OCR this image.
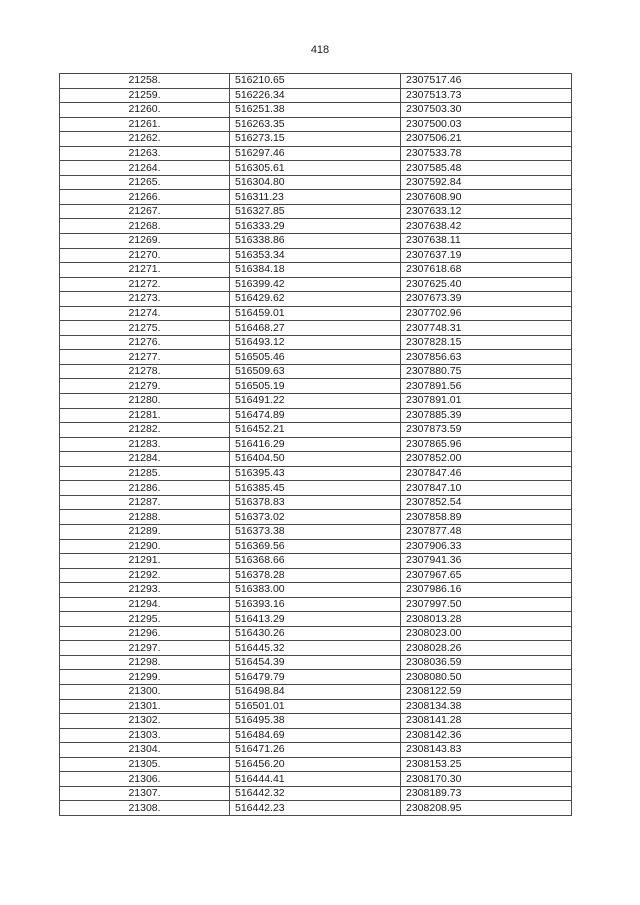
418
21258.	516210.65	2307517.46
21259.	516226.34	2307513.73
21260.	516251.38	2307503.30
21261.	516263.35	2307500.03
21262.	516273.15	2307506.21
21263.	516297.46	2307533.78
21264.	516305.61	2307585.48
21265.	516304.80	2307592.84
21266.	516311.23	2307608.90
21267.	516327.85	2307633.12
21268.	516333.29	2307638.42
21269.	516338.86	2307638.11
21270.	516353.34	2307637.19
21271.	516384.18	2307618.68
21272.	516399.42	2307625.40
21273.	516429.62	2307673.39
21274.	516459.01	2307702.96
21275.	516468.27	2307748.31
21276.	516493.12	2307828.15
21277.	516505.46	2307856.63
21278.	516509.63	2307880.75
21279.	516505.19	2307891.56
21280.	516491.22	2307891.01
21281.	516474.89	2307885.39
21282.	516452.21	2307873.59
21283.	516416.29	2307865.96
21284.	516404.50	2307852.00
21285.	516395.43	2307847.46
21286.	516385.45	2307847.10
21287.	516378.83	2307852.54
21288.	516373.02	2307858.89
21289.	516373.38	2307877.48
21290.	516369.56	2307906.33
21291.	516368.66	2307941.36
21292.	516378.28	2307967.65
21293.	516383.00	2307986.16
21294.	516393.16	2307997.50
21295.	516413.29	2308013.28
21296.	516430.26	2308023.00
21297.	516445.32	2308028.26
21298.	516454.39	2308036.59
21299.	516479.79	2308080.50
21300.	516498.84	2308122.59
21301.	516501.01	2308134.38
21302.	516495.38	2308141.28
21303.	516484.69	2308142.36
21304.	516471.26	2308143.83
21305.	516456.20	2308153.25
21306.	516444.41	2308170.30
21307.	516442.32	2308189.73
21308.	516442.23	2308208.95
